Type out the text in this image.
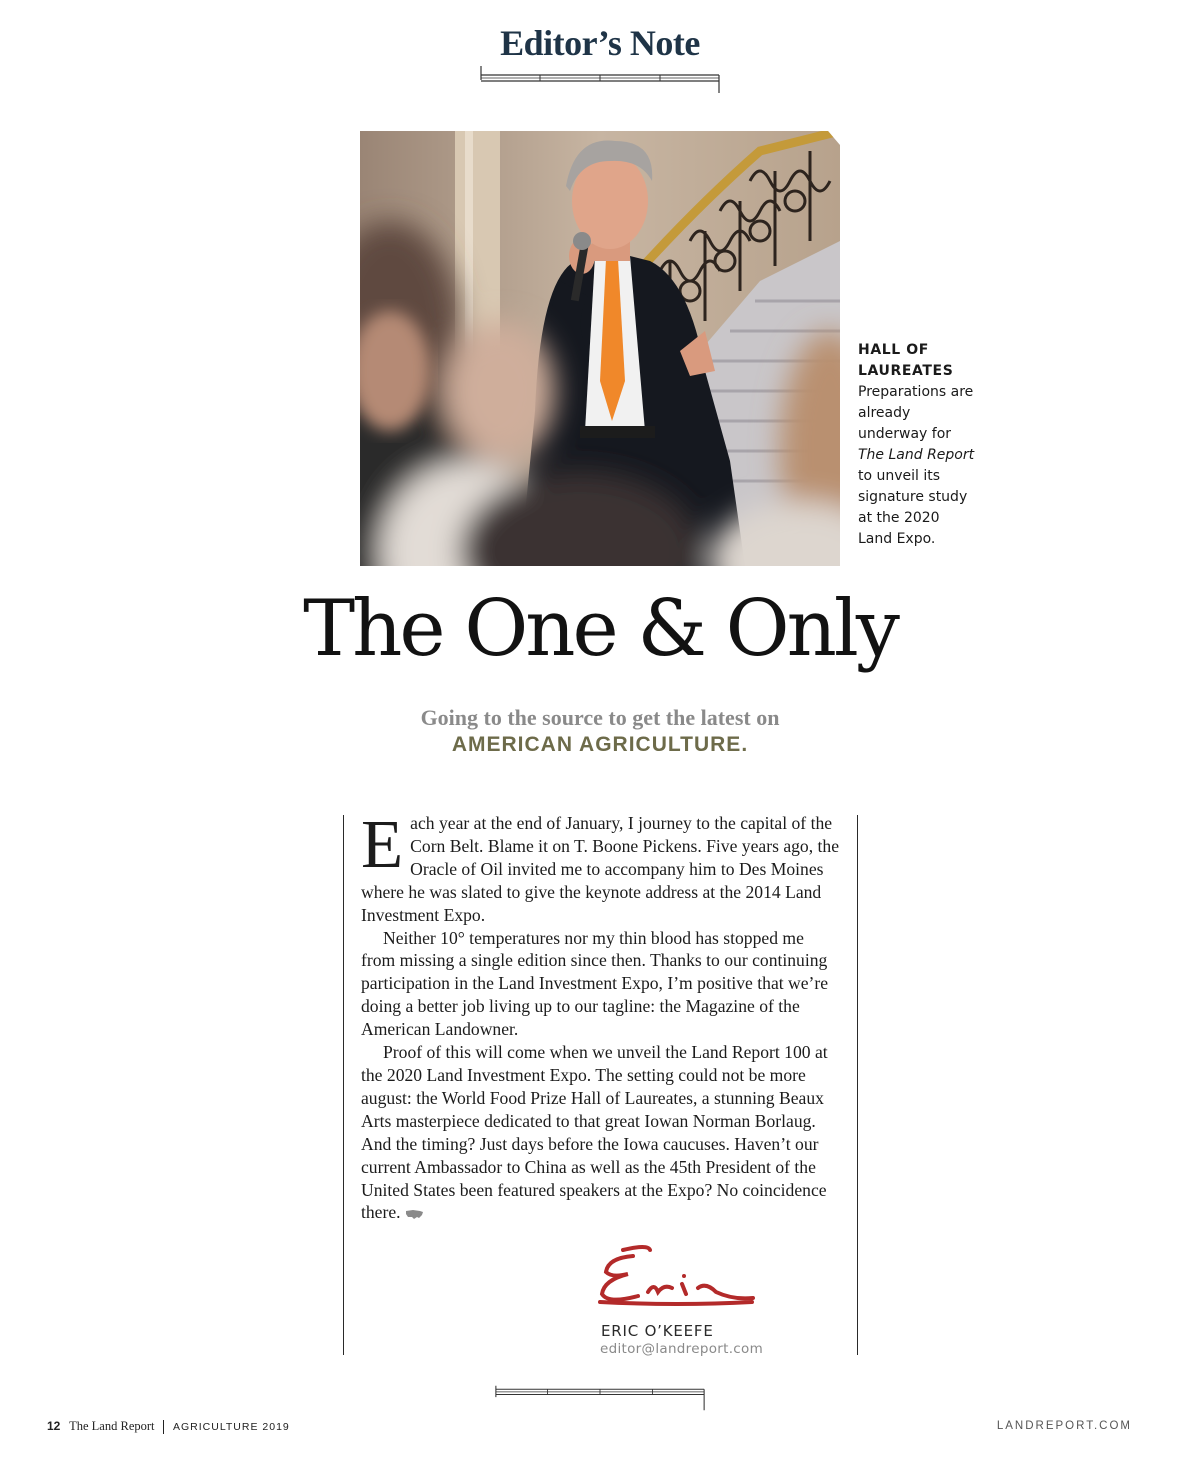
Editor’s Note
HALL OF LAUREATES
Preparations are already underway for The Land Report to unveil its signature study at the 2020 Land Expo.
The One & Only
Going to the source to get the latest on
AMERICAN AGRICULTURE.

Each year at the end of January, I journey to the capital of the Corn Belt. Blame it on T. Boone Pickens. Five years ago, the Oracle of Oil invited me to accompany him to Des Moines where he was slated to give the keynote address at the 2014 Land Investment Expo.

Neither 10° temperatures nor my thin blood has stopped me from missing a single edition since then. Thanks to our continuing participation in the Land Investment Expo, I’m positive that we’re doing a better job living up to our tagline: the Magazine of the American Landowner.

Proof of this will come when we unveil the Land Report 100 at the 2020 Land Investment Expo. The setting could not be more august: the World Food Prize Hall of Laureates, a stunning Beaux Arts masterpiece dedicated to that great Iowan Norman Borlaug. And the timing? Just days before the Iowa caucuses. Haven’t our current Ambassador to China as well as the 45th President of the United States been featured speakers at the Expo? No coincidence there.

ERIC O’KEEFE
editor@landreport.com
12 The Land Report AGRICULTURE 2019	LANDREPORT.COM
